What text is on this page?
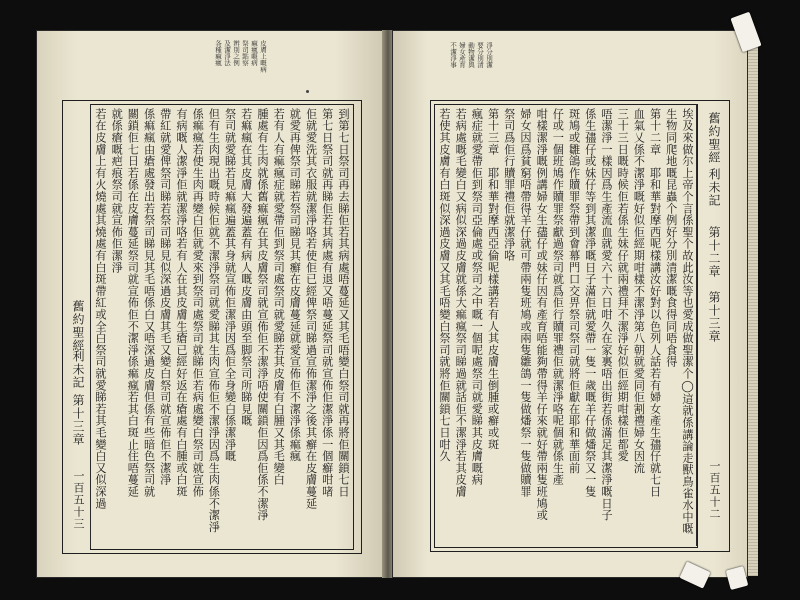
舊約聖經
利未記
第十三章
一百五十三
皮膚上嘅病
痲瘋嘅病
祭司點察
辨別之例
及潔淨法
各種痲瘋
到第七日祭司再去睇佢若其病處唔蔓延又其毛唔變白祭司就再將佢關鎖七日
第七日祭司就再睇佢若其病處有退又唔蔓延祭司就宣佈佢潔淨係一個癬咁啫
佢就愛洗其衣服就潔淨咯若使佢已經俾祭司睇過宣佈潔淨之後其癬在皮膚蔓延
就愛再俾祭司睇若祭司睇見其癬在皮膚蔓延就愛宣佈佢不潔淨係痲瘋
若有人有痲瘋症就愛帶佢到祭司處祭司就愛睇若其皮膚有白腫又其毛變白
腫處有生肉就係舊痲瘋在其皮膚祭司就宣佈佢不潔淨唔使關鎖佢因爲佢係不潔淨
若痲瘋在其皮膚大發遍蓋有病人嘅皮膚由頭至脚祭司所睇見嘅
祭司就愛睇若見痲瘋遍蓋其身就宣佈佢潔淨因爲佢全身變白係潔淨嘅
但有生肉現出嘅時候佢就不潔淨祭司就愛睇其生肉宣佈佢不潔淨因爲生肉係不潔淨
係痲瘋若使生肉再變白佢就愛來到祭司處祭司就睇佢若病處變白祭司就宣佈
有病嘅人潔淨佢就潔淨咯若有人在其皮膚生瘡已經好返在瘡處有白腫或白斑
帶紅就愛俾祭司睇若祭司睇見似深過皮膚其毛又變白祭司就宣佈佢不潔淨
係痲瘋由瘡處發出若祭司睇見其毛唔係白又唔深過皮膚但係有些暗色祭司就
關鎖佢七日若係在皮膚蔓延祭司就宣佈佢不潔淨係痲瘋若其白斑止住唔蔓延
就係瘡嘅疤痕祭司就宣佈佢潔淨
若在皮膚上有火燒處其燒處有白斑帶紅或全白祭司就愛睇若其毛變白又似深過	舊約聖經
利未記
第十二章　第十三章
一百五十二
淨分別潔
要分別清
動物潔與
婦女產育
不潔淨事
埃及來做尔上帝个言係聖个故此汝等也愛成做聖潔个◯這就係講論走獸鳥雀水中嘅
生物同爬地嘅昆蟲个例好分別清潔嘅食得同唔食得
第十二章　耶和華對摩西呢樣講汝好對以色列人話若有婦女產生孻仔就七日
血氣乂係不潔淨嘅好似佢經期咁樣不潔淨第八朝就愛同佢割禮婦女因流
三十三日嘅時候佢若係生妹仔就兩禮拜不潔淨好似佢經期咁樣佢都愛
唔潔淨一樣因爲生產流血就愛六十六日咁久在家裏唔出街若係滿足其潔淨嘅日子
係生孻仔或妹仔等到其潔淨嘅日子滿佢就愛帶一隻一歲嘅羊仔做燔祭又一隻
斑鳩或雛鴿作贖罪祭帶到會幕門口交畀祭司祭司就將佢獻在耶和華面前
仔或一個班鳩作贖罪祭獻過祭司就爲佢行贖罪禮佢就潔淨咯呢個就係生產
咁樣潔淨嘅例講婦女生孻仔或妹仔因有產育唔能夠帶得羊仔來就好帶兩隻班鳩或
婦女因爲貧窮唔帶得羊仔就可帶兩隻班鳩或兩隻雛鴿一隻做燔祭一隻做贖罪
祭司爲佢行贖罪禮佢就潔淨咯
第十三章　耶和華對摩西亞倫呢樣講若有人其皮膚生倒腫或癬或斑
瘋症就愛帶佢到祭司亞倫處或祭司之中嘅一個呢處祭司就愛睇其皮膚嘅病
若病處嘅毛變白又病似深過皮膚就係大痲瘋祭司睇過就話佢不潔淨若其皮膚
若使其皮膚有白斑似深過皮膚又其毛唔變白祭司就將佢關鎖七日咁久
